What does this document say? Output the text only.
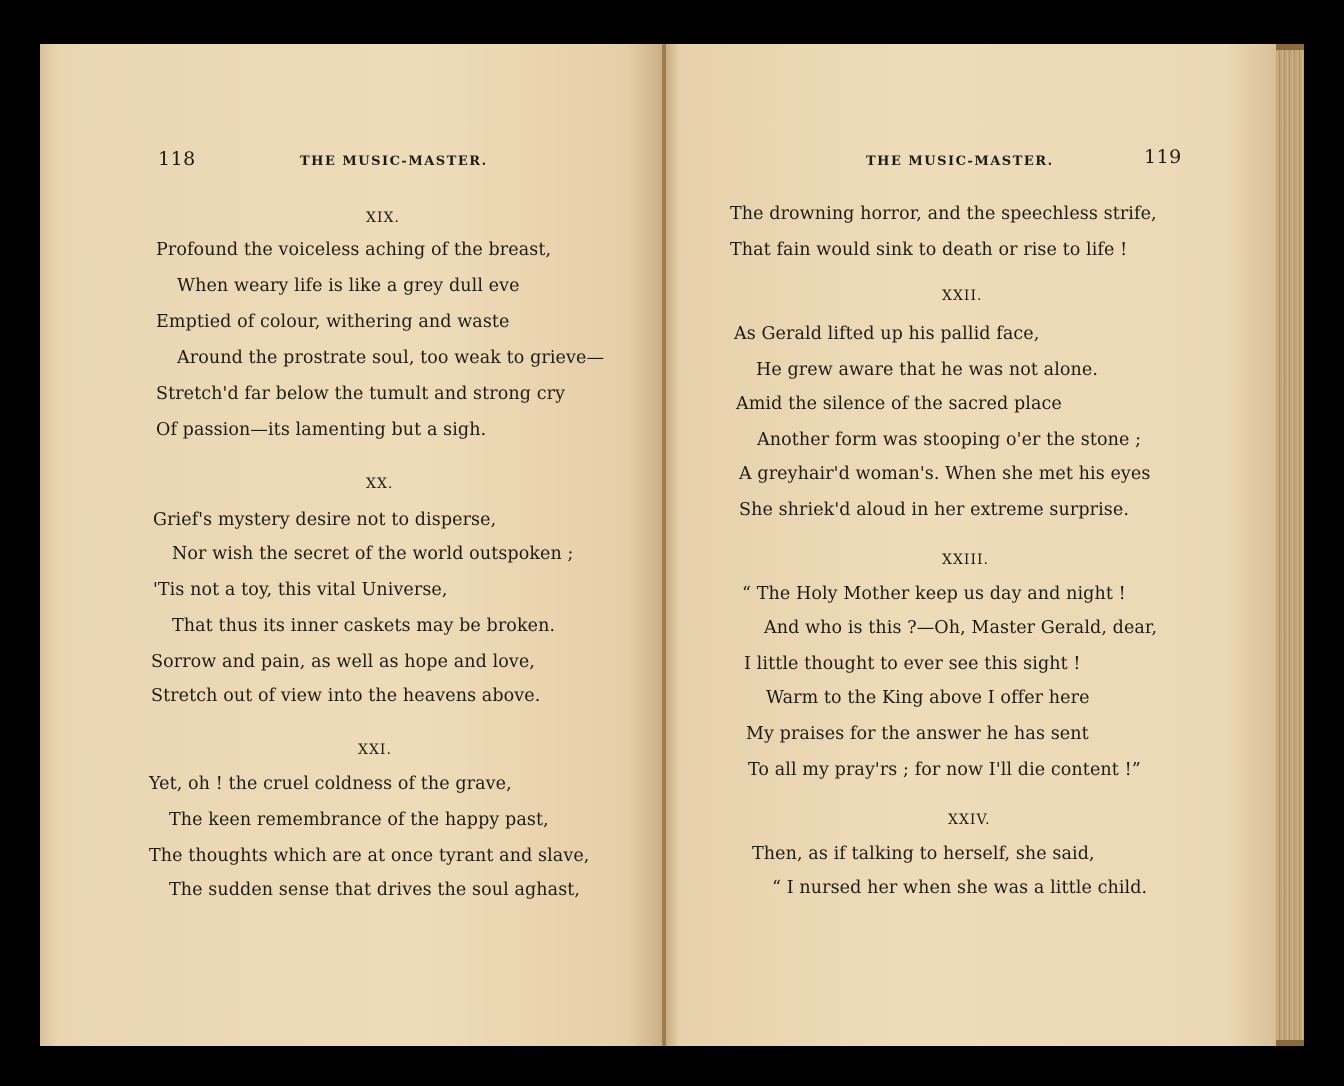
118	THE MUSIC-MASTER.
XIX.
Profound the voiceless aching of the breast,
When weary life is like a grey dull eve
Emptied of colour, withering and waste
Around the prostrate soul, too weak to grieve—
Stretch'd far below the tumult and strong cry
Of passion—its lamenting but a sigh.
XX.
Grief's mystery desire not to disperse,
Nor wish the secret of the world outspoken ;
'Tis not a toy, this vital Universe,
That thus its inner caskets may be broken.
Sorrow and pain, as well as hope and love,
Stretch out of view into the heavens above.
XXI.
Yet, oh ! the cruel coldness of the grave,
The keen remembrance of the happy past,
The thoughts which are at once tyrant and slave,
The sudden sense that drives the soul aghast,
THE MUSIC-MASTER.	119
The drowning horror, and the speechless strife,
That fain would sink to death or rise to life !
XXII.
As Gerald lifted up his pallid face,
He grew aware that he was not alone.
Amid the silence of the sacred place
Another form was stooping o'er the stone ;
A greyhair'd woman's. When she met his eyes
She shriek'd aloud in her extreme surprise.
XXIII.
“ The Holy Mother keep us day and night !
And who is this ?—Oh, Master Gerald, dear,
I little thought to ever see this sight !
Warm to the King above I offer here
My praises for the answer he has sent
To all my pray'rs ; for now I'll die content !”
XXIV.
Then, as if talking to herself, she said,
“ I nursed her when she was a little child.
